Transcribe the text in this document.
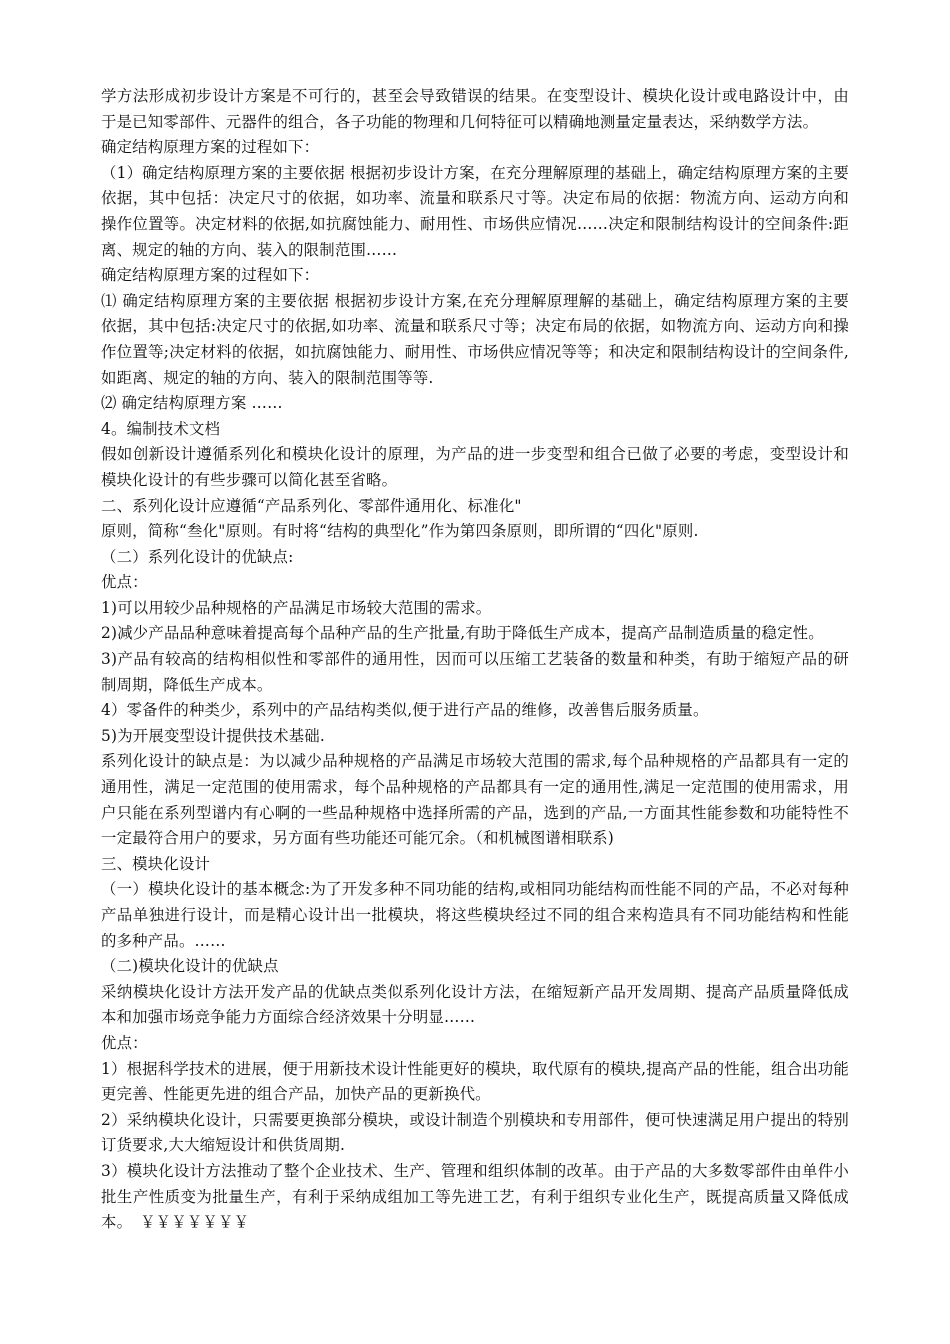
学方法形成初步设计方案是不可行的，甚至会导致错误的结果。在变型设计、模块化设计或电路设计中，由于是已知零部件、元器件的组合，各子功能的物理和几何特征可以精确地测量定量表达，采纳数学方法。

确定结构原理方案的过程如下：

（1）确定结构原理方案的主要依据 根据初步设计方案，在充分理解原理的基础上，确定结构原理方案的主要依据，其中包括：决定尺寸的依据，如功率、流量和联系尺寸等。决定布局的依据：物流方向、运动方向和操作位置等。决定材料的依据,如抗腐蚀能力、耐用性、市场供应情况……决定和限制结构设计的空间条件:距离、规定的轴的方向、装入的限制范围……

确定结构原理方案的过程如下：

⑴ 确定结构原理方案的主要依据 根据初步设计方案,在充分理解原理解的基础上，确定结构原理方案的主要依据，其中包括:决定尺寸的依据,如功率、流量和联系尺寸等；决定布局的依据，如物流方向、运动方向和操作位置等;决定材料的依据，如抗腐蚀能力、耐用性、市场供应情况等等；和决定和限制结构设计的空间条件,如距离、规定的轴的方向、装入的限制范围等等.

⑵ 确定结构原理方案 ……

4。编制技术文档

假如创新设计遵循系列化和模块化设计的原理，为产品的进一步变型和组合已做了必要的考虑，变型设计和模块化设计的有些步骤可以简化甚至省略。

二、系列化设计应遵循“产品系列化、零部件通用化、标准化"

原则，简称“叁化"原则。有时将“结构的典型化”作为第四条原则，即所谓的“四化"原则.

（二）系列化设计的优缺点:

优点：

1)可以用较少品种规格的产品满足市场较大范围的需求。

2)减少产品品种意味着提高每个品种产品的生产批量,有助于降低生产成本，提高产品制造质量的稳定性。

3)产品有较高的结构相似性和零部件的通用性，因而可以压缩工艺装备的数量和种类，有助于缩短产品的研制周期，降低生产成本。

4）零备件的种类少，系列中的产品结构类似,便于进行产品的维修，改善售后服务质量。

5)为开展变型设计提供技术基础.

系列化设计的缺点是：为以减少品种规格的产品满足市场较大范围的需求,每个品种规格的产品都具有一定的通用性，满足一定范围的使用需求，每个品种规格的产品都具有一定的通用性,满足一定范围的使用需求，用户只能在系列型谱内有心啊的一些品种规格中选择所需的产品，选到的产品,一方面其性能参数和功能特性不一定最符合用户的要求，另方面有些功能还可能冗余。（和机械图谱相联系)

三、模块化设计

（一）模块化设计的基本概念:为了开发多种不同功能的结构,或相同功能结构而性能不同的产品，不必对每种产品单独进行设计，而是精心设计出一批模块，将这些模块经过不同的组合来构造具有不同功能结构和性能的多种产品。……

（二)模块化设计的优缺点

采纳模块化设计方法开发产品的优缺点类似系列化设计方法，在缩短新产品开发周期、提高产品质量降低成本和加强市场竞争能力方面综合经济效果十分明显……

优点：

1）根据科学技术的进展，便于用新技术设计性能更好的模块，取代原有的模块,提高产品的性能，组合出功能更完善、性能更先进的组合产品，加快产品的更新换代。

2）采纳模块化设计，只需要更换部分模块，或设计制造个别模块和专用部件，便可快速满足用户提出的特别订货要求,大大缩短设计和供货周期.

3）模块化设计方法推动了整个企业技术、生产、管理和组织体制的改革。由于产品的大多数零部件由单件小批生产性质变为批量生产，有利于采纳成组加工等先进工艺，有利于组织专业化生产，既提高质量又降低成本。　￥￥￥￥￥￥￥
